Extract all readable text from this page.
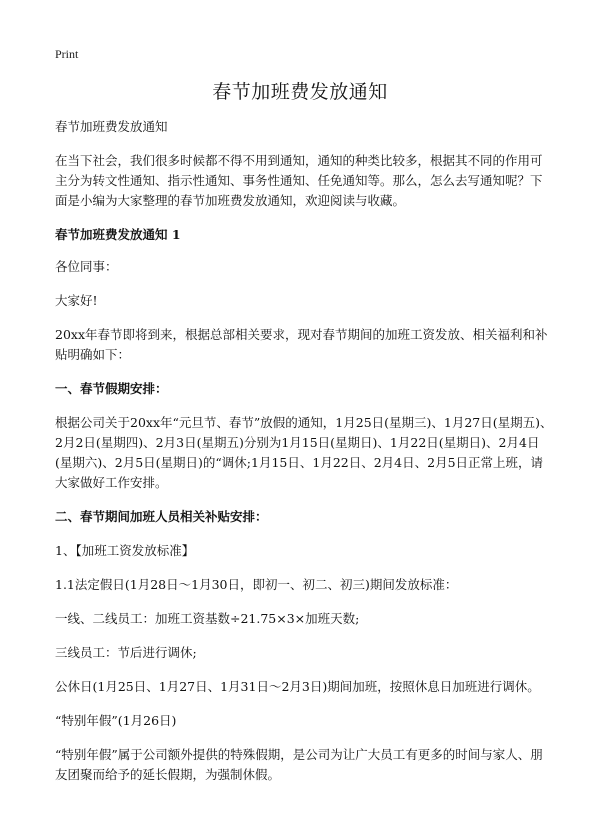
Print
春节加班费发放通知

春节加班费发放通知

在当下社会，我们很多时候都不得不用到通知，通知的种类比较多，根据其不同的作用可主分为转文性通知、指示性通知、事务性通知、任免通知等。那么，怎么去写通知呢？下面是小编为大家整理的春节加班费发放通知，欢迎阅读与收藏。

春节加班费发放通知 1

各位同事：

大家好!

20xx年春节即将到来，根据总部相关要求，现对春节期间的加班工资发放、相关福利和补贴明确如下：

一、春节假期安排：

根据公司关于20xx年“元旦节、春节”放假的通知，1月25日(星期三)、1月27日(星期五)、2月2日(星期四)、2月3日(星期五)分别为1月15日(星期日)、1月22日(星期日)、2月4日(星期六)、2月5日(星期日)的“调休;1月15日、1月22日、2月4日、2月5日正常上班，请大家做好工作安排。

二、春节期间加班人员相关补贴安排：

1、【加班工资发放标准】

1.1法定假日(1月28日～1月30日，即初一、初二、初三)期间发放标准：

一线、二线员工：加班工资基数÷21.75×3×加班天数;

三线员工：节后进行调休;

公休日(1月25日、1月27日、1月31日～2月3日)期间加班，按照休息日加班进行调休。

“特别年假”(1月26日)

“特别年假”属于公司额外提供的特殊假期，是公司为让广大员工有更多的时间与家人、朋友团聚而给予的延长假期，为强制休假。
